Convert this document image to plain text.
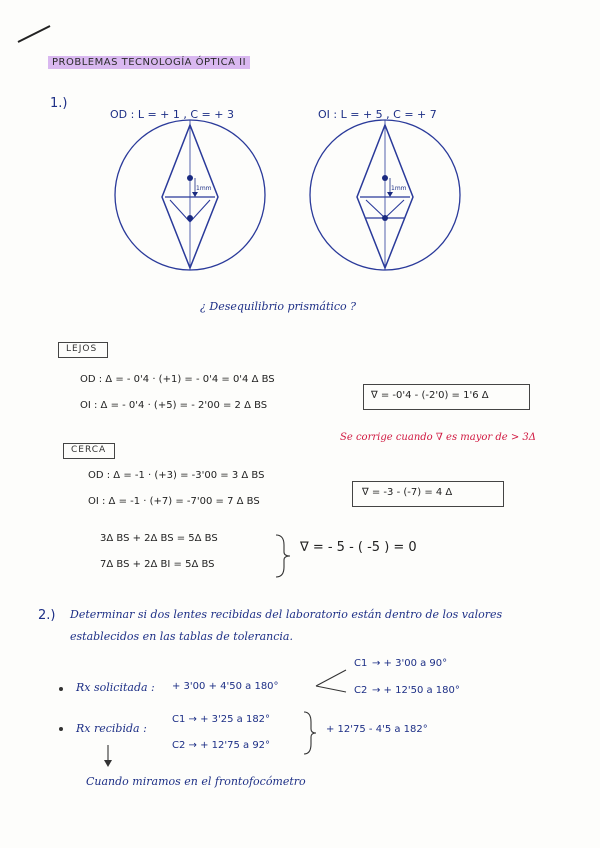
PROBLEMAS TECNOLOGÍA ÓPTICA II
1.)
OD : L = + 1 , C = + 3	OI : L = + 5 , C = + 7
1mm	1mm
¿ Desequilibrio prismático ?
LEJOS
OD : Δ = - 0'4 · (+1) = - 0'4 = 0'4 Δ BS
OI : Δ = - 0'4 · (+5) = - 2'00 = 2 Δ BS
∇ = -0'4 - (-2'0) = 1'6 Δ
Se corrige cuando ∇ es mayor de > 3Δ
CERCA
OD : Δ = -1 · (+3) = -3'00 = 3 Δ BS
OI : Δ = -1 · (+7) = -7'00 = 7 Δ BS
∇ = -3 - (-7) = 4 Δ
3Δ BS + 2Δ BS = 5Δ BS
7Δ BS + 2Δ BI = 5Δ BS
∇ = - 5 - ( -5 ) = 0
2.) Determinar si dos lentes recibidas del laboratorio están dentro de los valores
establecidos en las tablas de tolerancia.
Rx solicitada : + 3'00 + 4'50 a 180°
C1 → + 3'00 a 90°
C2 → + 12'50 a 180°
Rx recibida :
C1 → + 3'25 a 182°
C2 → + 12'75 a 92°
+ 12'75 - 4'5 a 182°
Cuando miramos en el frontofocómetro
